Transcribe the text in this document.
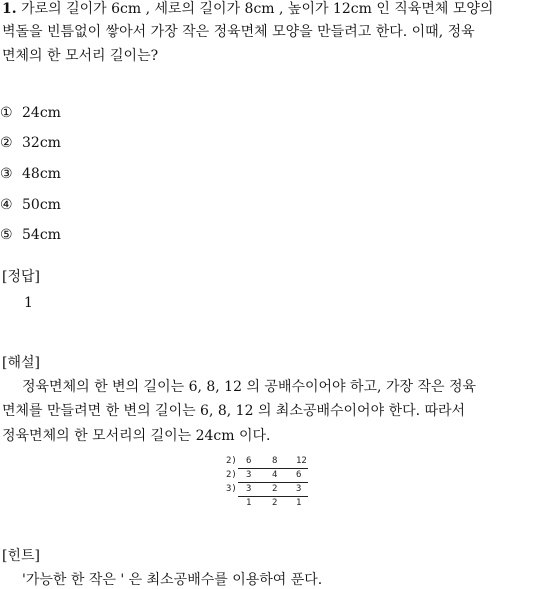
1. 가로의 길이가 6cm , 세로의 길이가 8cm , 높이가 12cm 인 직육면체 모양의
벽돌을 빈틈없이 쌓아서 가장 작은 정육면체 모양을 만들려고 한다. 이때, 정육
면체의 한 모서리 길이는?
① 24cm
② 32cm
③ 48cm
④ 50cm
⑤ 54cm
[정답]
1
[해설]
정육면체의 한 변의 길이는 6, 8, 12 의 공배수이어야 하고, 가장 작은 정육
면체를 만들려면 한 변의 길이는 6, 8, 12 의 최소공배수이어야 한다. 따라서
정육면체의 한 모서리의 길이는 24cm 이다.
2) 6 8 12
2) 3 4 6
3) 3 2 3
1 2 1
[힌트]
'가능한 한 작은 ' 은 최소공배수를 이용하여 푼다.
